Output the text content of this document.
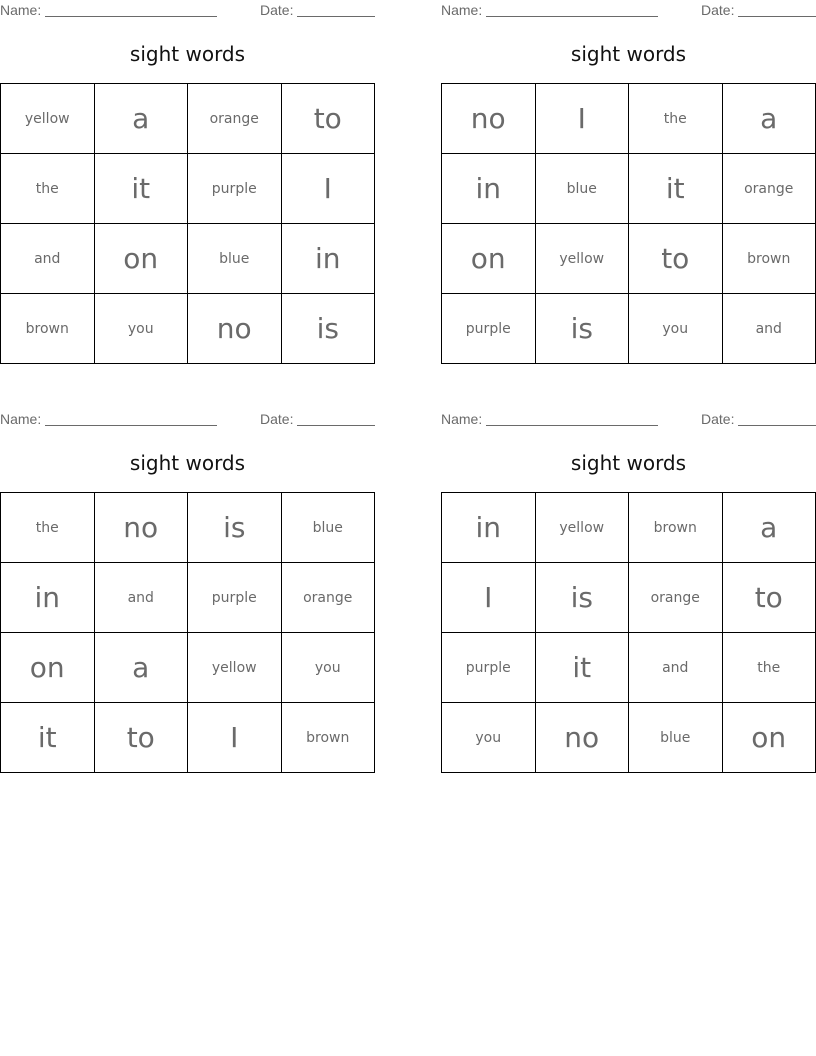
Name:	Date:
sight words
yellow	a	orange	to
the	it	purple	I
and	on	blue	in
brown	you	no	is
Name:	Date:
sight words
no	I	the	a
in	blue	it	orange
on	yellow	to	brown
purple	is	you	and
Name:	Date:
sight words
the	no	is	blue
in	and	purple	orange
on	a	yellow	you
it	to	I	brown
Name:	Date:
sight words
in	yellow	brown	a
I	is	orange	to
purple	it	and	the
you	no	blue	on
